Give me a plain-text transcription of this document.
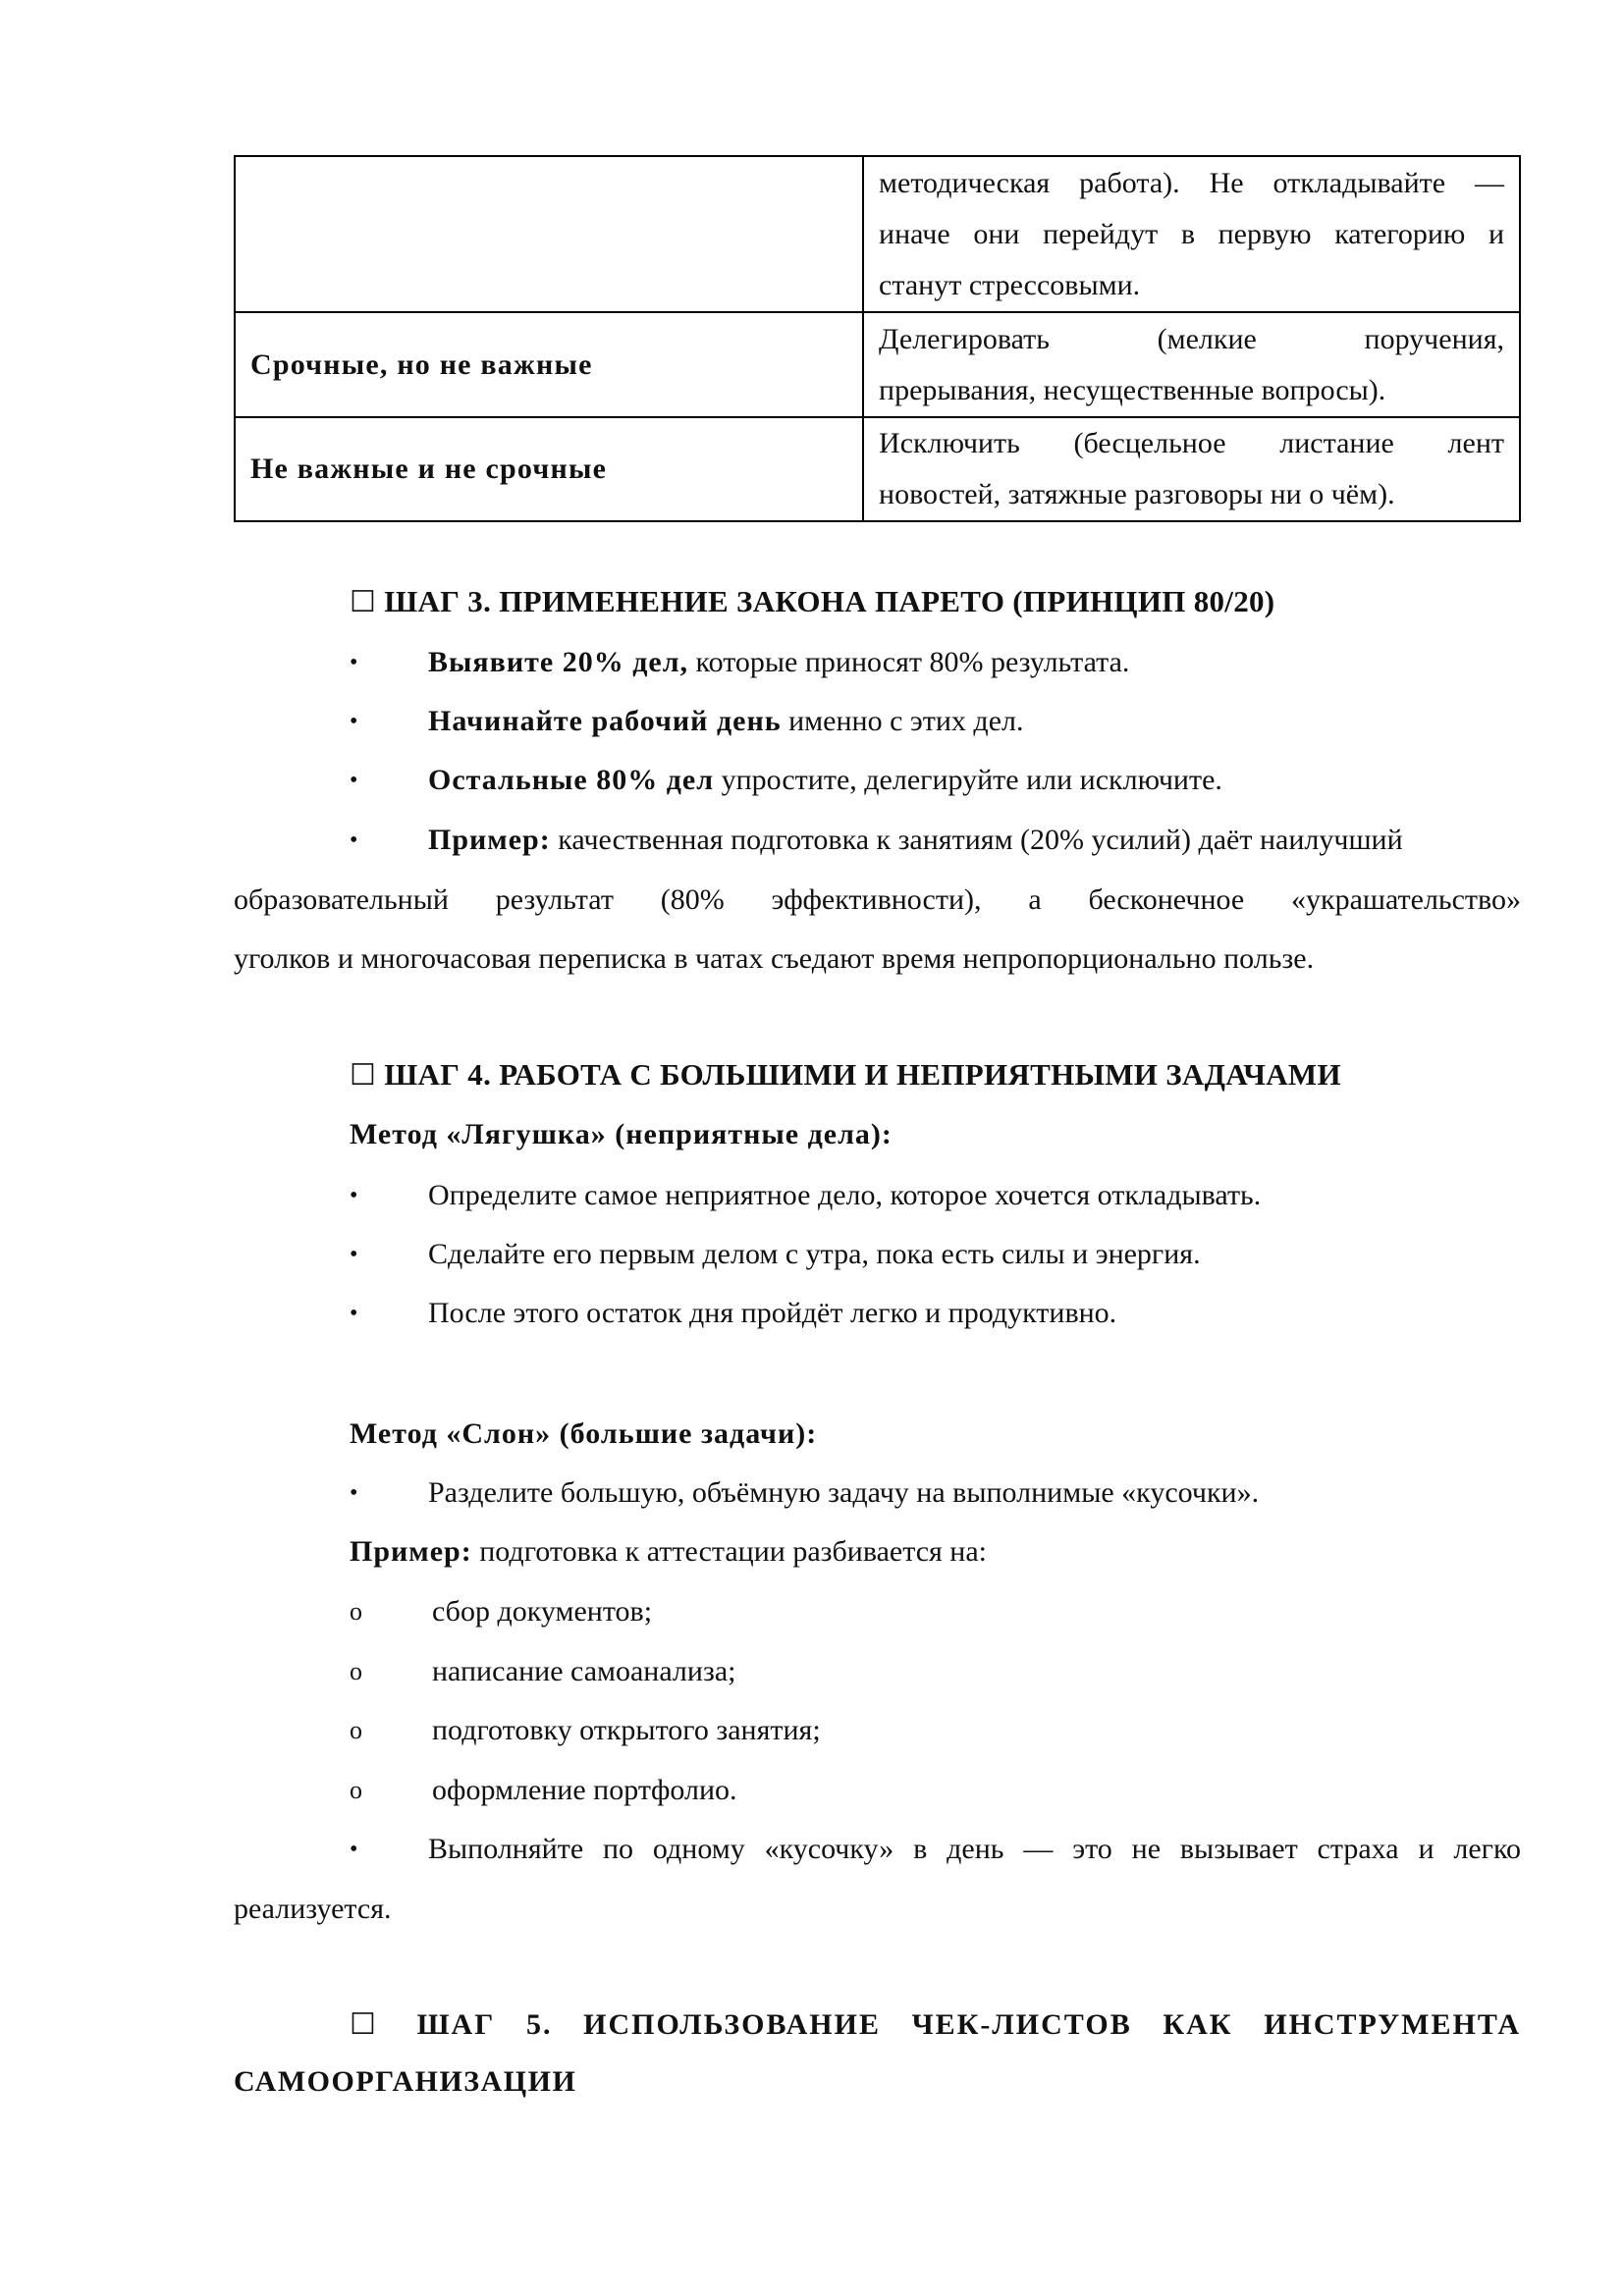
	методическая работа). Не откладывайте —
иначе они перейдут в первую категорию и
станут стрессовыми.

Срочные, но не важные	Делегировать (мелкие поручения,
прерывания, несущественные вопросы).

Не важные и не срочные	Исключить (бесцельное листание лент
новостей, затяжные разговоры ни о чём).
☐ ШАГ 3. ПРИМЕНЕНИЕ ЗАКОНА ПАРЕТО (ПРИНЦИП 80/20)
• Выявите 20% дел, которые приносят 80% результата.
• Начинайте рабочий день именно с этих дел.
• Остальные 80% дел упростите, делегируйте или исключите.
• Пример: качественная подготовка к занятиям (20% усилий) даёт наилучший
образовательный результат (80% эффективности), а бесконечное «украшательство»
уголков и многочасовая переписка в чатах съедают время непропорционально пользе.
☐ ШАГ 4. РАБОТА С БОЛЬШИМИ И НЕПРИЯТНЫМИ ЗАДАЧАМИ
Метод «Лягушка» (неприятные дела):
• Определите самое неприятное дело, которое хочется откладывать.
• Сделайте его первым делом с утра, пока есть силы и энергия.
• После этого остаток дня пройдёт легко и продуктивно.
Метод «Слон» (большие задачи):
• Разделите большую, объёмную задачу на выполнимые «кусочки».
Пример: подготовка к аттестации разбивается на:
o сбор документов;
o написание самоанализа;
o подготовку открытого занятия;
o оформление портфолио.
• Выполняйте по одному «кусочку» в день — это не вызывает страха и легко
реализуется.
☐ ШАГ 5. ИСПОЛЬЗОВАНИЕ ЧЕК-ЛИСТОВ КАК ИНСТРУМЕНТА
САМООРГАНИЗАЦИИ
